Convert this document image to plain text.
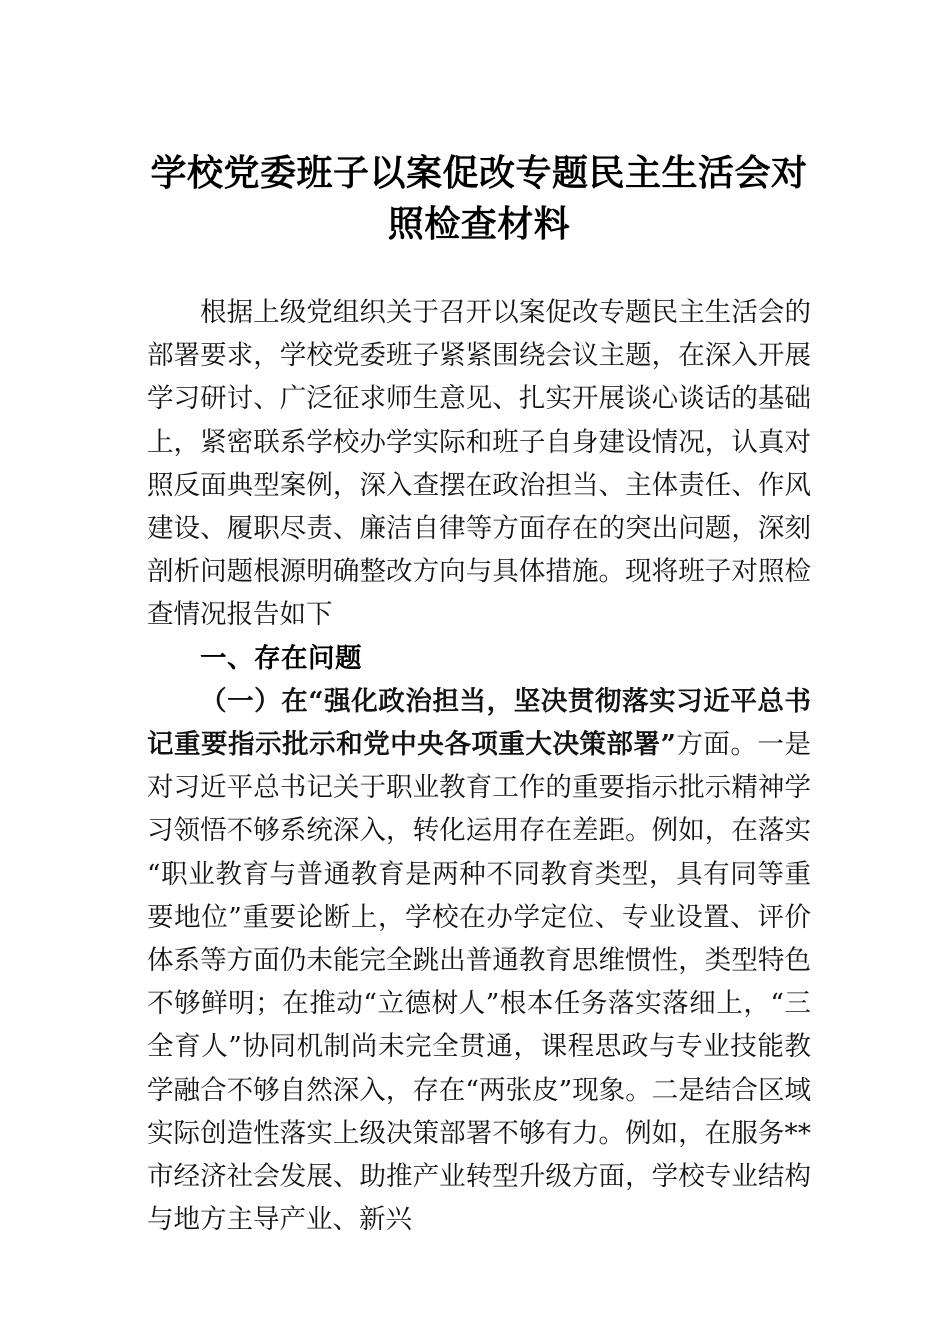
学校党委班子以案促改专题民主生活会对照检查材料

根据上级党组织关于召开以案促改专题民主生活会的部署要求，学校党委班子紧紧围绕会议主题，在深入开展学习研讨、广泛征求师生意见、扎实开展谈心谈话的基础上，紧密联系学校办学实际和班子自身建设情况，认真对照反面典型案例，深入查摆在政治担当、主体责任、作风建设、履职尽责、廉洁自律等方面存在的突出问题，深刻剖析问题根源明确整改方向与具体措施。现将班子对照检查情况报告如下

一、存在问题

（一）在“强化政治担当，坚决贯彻落实习近平总书记重要指示批示和党中央各项重大决策部署”方面。一是对习近平总书记关于职业教育工作的重要指示批示精神学习领悟不够系统深入，转化运用存在差距。例如，在落实“职业教育与普通教育是两种不同教育类型，具有同等重要地位”重要论断上，学校在办学定位、专业设置、评价体系等方面仍未能完全跳出普通教育思维惯性，类型特色不够鲜明；在推动“立德树人”根本任务落实落细上，“三全育人”协同机制尚未完全贯通，课程思政与专业技能教学融合不够自然深入，存在“两张皮”现象。二是结合区域实际创造性落实上级决策部署不够有力。例如，在服务**市经济社会发展、助推产业转型升级方面，学校专业结构与地方主导产业、新兴
